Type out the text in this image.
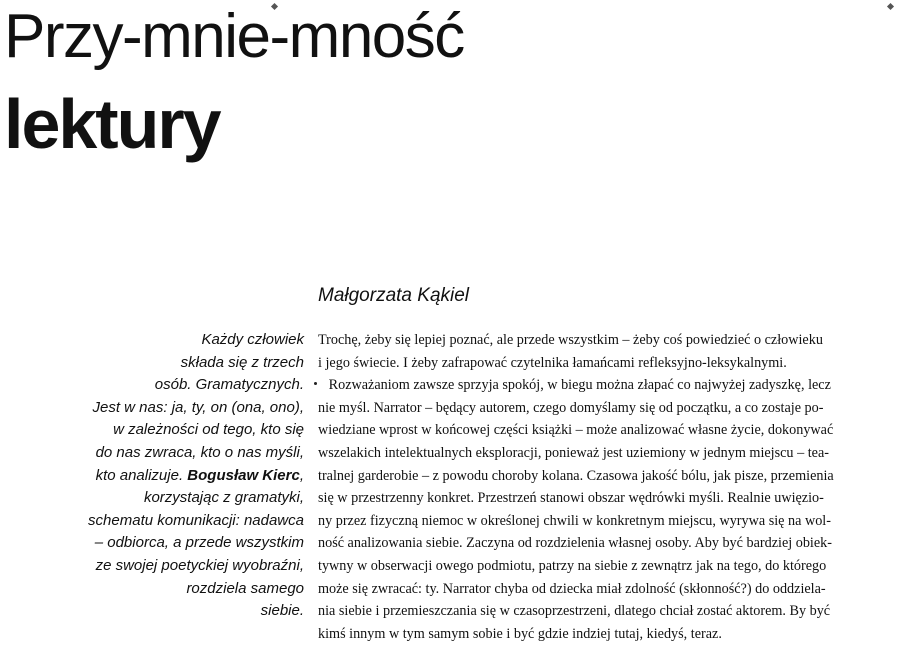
Przy-mnie-mność
lektury

Małgorzata Kąkiel

Każdy człowiek
składa się z trzech
osób. Gramatycznych.
Jest w nas: ja, ty, on (ona, ono),
w zależności od tego, kto się
do nas zwraca, kto o nas myśli,
kto analizuje. Bogusław Kierc,
korzystając z gramatyki,
schematu komunikacji: nadawca
– odbiorca, a przede wszystkim
ze swojej poetyckiej wyobraźni,
rozdziela samego
siebie.
Trochę, żeby się lepiej poznać, ale przede wszystkim – żeby coś powiedzieć o człowieku
i jego świecie. I żeby zafrapować czytelnika łamańcami refleksyjno-leksykalnymi.
Rozważaniom zawsze sprzyja spokój, w biegu można złapać co najwyżej zadyszkę, lecz
nie myśl. Narrator – będący autorem, czego domyślamy się od początku, a co zostaje po-
wiedziane wprost w końcowej części książki – może analizować własne życie, dokonywać
wszelakich intelektualnych eksploracji, ponieważ jest uziemiony w jednym miejscu – tea-
tralnej garderobie – z powodu choroby kolana. Czasowa jakość bólu, jak pisze, przemienia
się w przestrzenny konkret. Przestrzeń stanowi obszar wędrówki myśli. Realnie uwięzio-
ny przez fizyczną niemoc w określonej chwili w konkretnym miejscu, wyrywa się na wol-
ność analizowania siebie. Zaczyna od rozdzielenia własnej osoby. Aby być bardziej obiek-
tywny w obserwacji owego podmiotu, patrzy na siebie z zewnątrz jak na tego, do którego
może się zwracać: ty. Narrator chyba od dziecka miał zdolność (skłonność?) do oddziela-
nia siebie i przemieszczania się w czasoprzestrzeni, dlatego chciał zostać aktorem. By być
kimś innym w tym samym sobie i być gdzie indziej tutaj, kiedyś, teraz.
